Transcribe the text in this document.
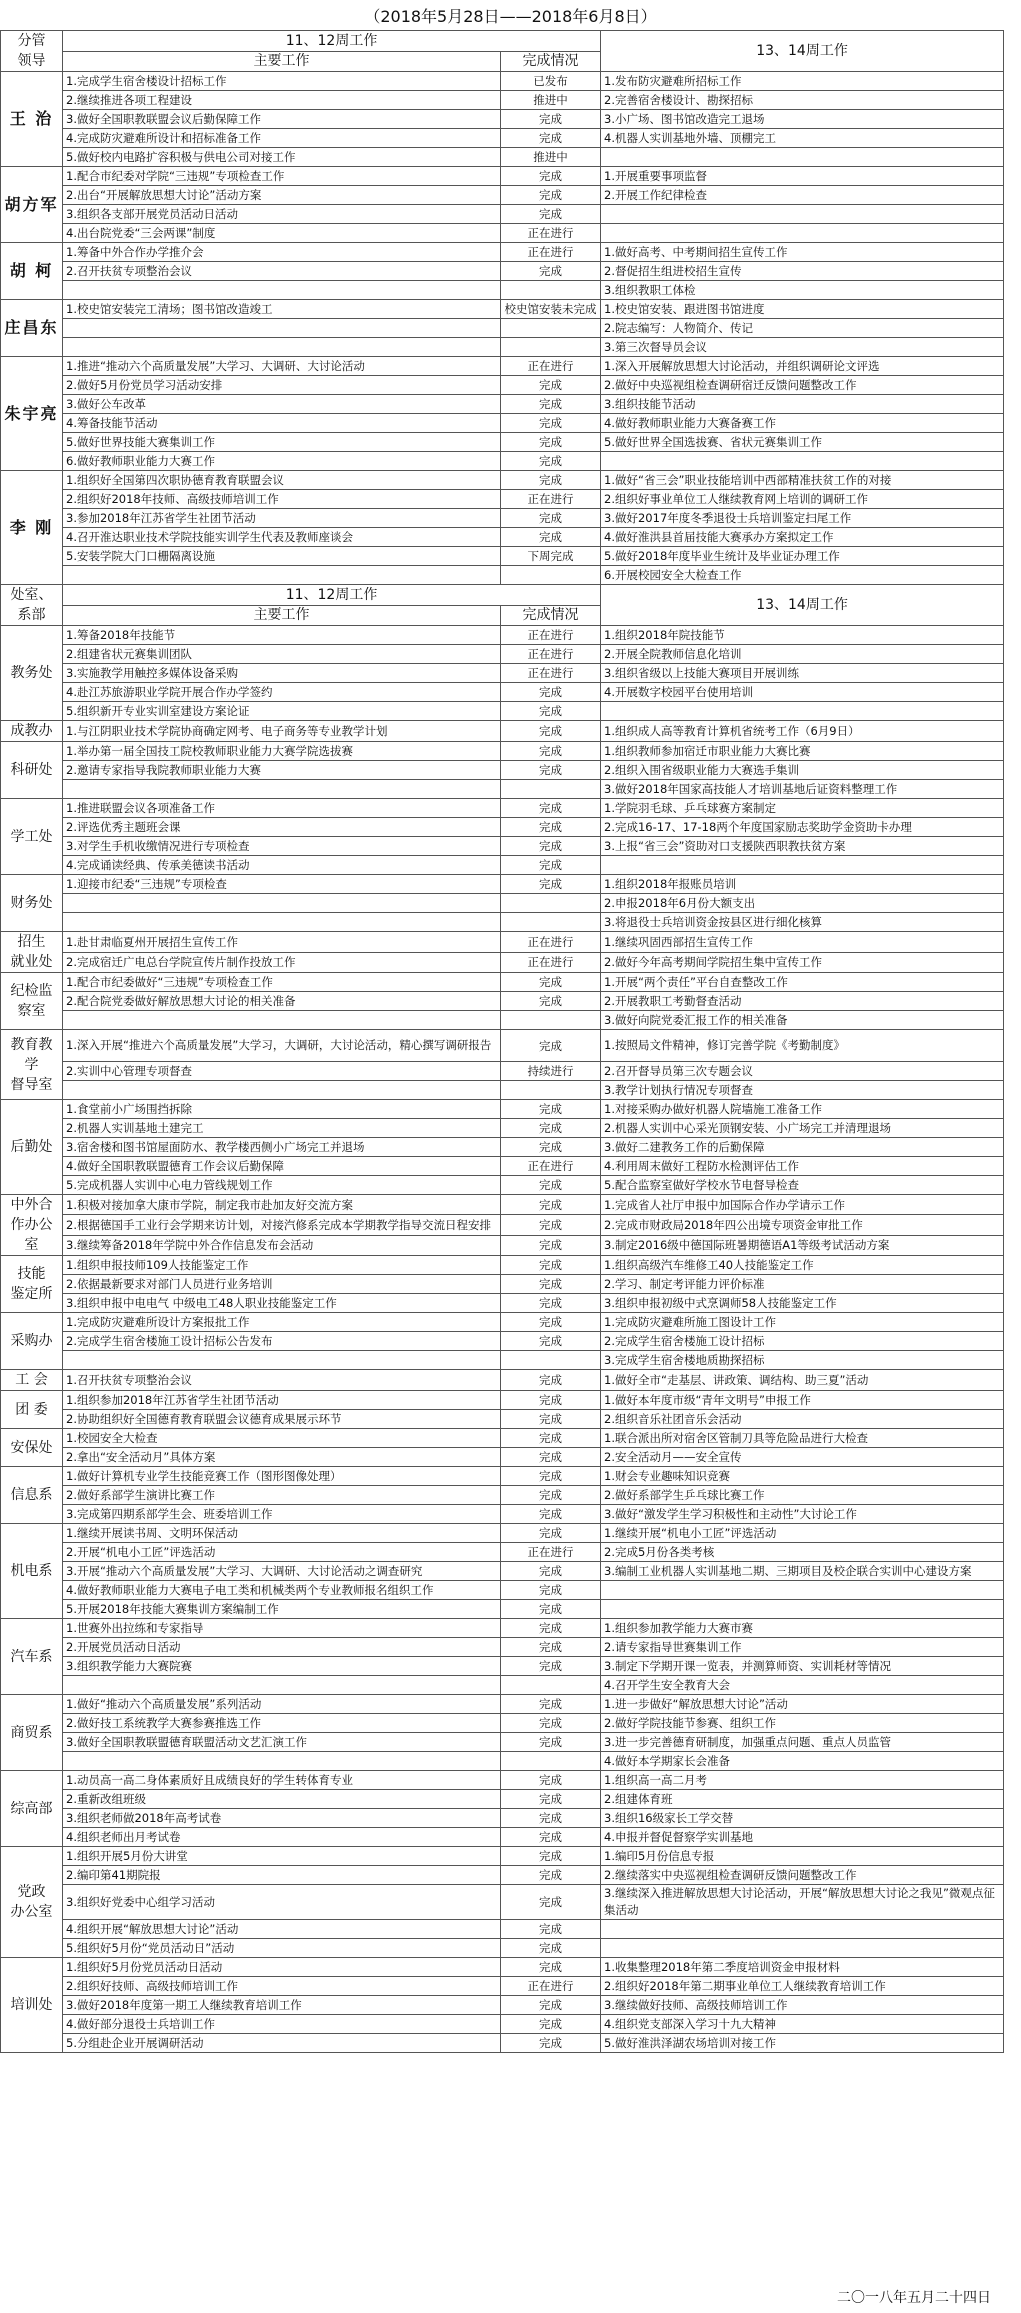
（2018年5月28日——2018年6月8日）
分管
领导	11、12周工作		13、14周工作
	主要工作	完成情况	
王 治	1.完成学生宿舍楼设计招标工作	已发布	1.发布防灾避难所招标工作
	2.继续推进各项工程建设	推进中	2.完善宿舍楼设计、勘探招标
	3.做好全国职教联盟会议后勤保障工作	完成	3.小广场、图书馆改造完工退场
	4.完成防灾避难所设计和招标准备工作	完成	4.机器人实训基地外墙、顶棚完工
	5.做好校内电路扩容积极与供电公司对接工作	推进中	
胡方军	1.配合市纪委对学院“三违规”专项检查工作	完成	1.开展重要事项监督
	2.出台“开展解放思想大讨论”活动方案	完成	2.开展工作纪律检查
	3.组织各支部开展党员活动日活动	完成	
	4.出台院党委“三会两课”制度	正在进行	
胡 柯	1.筹备中外合作办学推介会	正在进行	1.做好高考、中考期间招生宣传工作
	2.召开扶贫专项整治会议	完成	2.督促招生组进校招生宣传
			3.组织教职工体检
庄昌东	1.校史馆安装完工清场；图书馆改造竣工	校史馆安装未完成	1.校史馆安装、跟进图书馆进度
			2.院志编写：人物简介、传记
			3.第三次督导员会议
朱宇亮	1.推进“推动六个高质量发展”大学习、大调研、大讨论活动	正在进行	1.深入开展解放思想大讨论活动，并组织调研论文评选
	2.做好5月份党员学习活动安排	完成	2.做好中央巡视组检查调研宿迁反馈问题整改工作
	3.做好公车改革	完成	3.组织技能节活动
	4.筹备技能节活动	完成	4.做好教师职业能力大赛备赛工作
	5.做好世界技能大赛集训工作	完成	5.做好世界全国选拔赛、省状元赛集训工作
	6.做好教师职业能力大赛工作	完成	
李 刚	1.组织好全国第四次职协德育教育联盟会议	完成	1.做好“省三会”职业技能培训中西部精准扶贫工作的对接
	2.组织好2018年技师、高级技师培训工作	正在进行	2.组织好事业单位工人继续教育网上培训的调研工作
	3.参加2018年江苏省学生社团节活动	完成	3.做好2017年度冬季退役士兵培训鉴定扫尾工作
	4.召开淮达职业技术学院技能实训学生代表及教师座谈会	完成	4.做好淮洪县首届技能大赛承办方案拟定工作
	5.安装学院大门口栅隔离设施	下周完成	5.做好2018年度毕业生统计及毕业证办理工作
			6.开展校园安全大检查工作
处室、
系部	11、12周工作		13、14周工作
	主要工作	完成情况	
教务处	1.筹备2018年技能节	正在进行	1.组织2018年院技能节
	2.组建省状元赛集训团队	正在进行	2.开展全院教师信息化培训
	3.实施教学用触控多媒体设备采购	正在进行	3.组织省级以上技能大赛项目开展训练
	4.赴江苏旅游职业学院开展合作办学签约	完成	4.开展数字校园平台使用培训
	5.组织新开专业实训室建设方案论证	完成	
成教办	1.与江阴职业技术学院协商确定网考、电子商务等专业教学计划	完成	1.组织成人高等教育计算机省统考工作（6月9日）
科研处	1.举办第一届全国技工院校教师职业能力大赛学院选拔赛	完成	1.组织教师参加宿迁市职业能力大赛比赛
	2.邀请专家指导我院教师职业能力大赛	完成	2.组织入围省级职业能力大赛选手集训
			3.做好2018年国家高技能人才培训基地后证资料整理工作
学工处	1.推进联盟会议各项准备工作	完成	1.学院羽毛球、乒乓球赛方案制定
	2.评选优秀主题班会课	完成	2.完成16-17、17-18两个年度国家励志奖助学金资助卡办理
	3.对学生手机收缴情况进行专项检查	完成	3.上报“省三会”资助对口支援陕西职教扶贫方案
	4.完成诵读经典、传承美德读书活动	完成	
财务处	1.迎接市纪委“三违规”专项检查	完成	1.组织2018年报账员培训
			2.申报2018年6月份大额支出
			3.将退役士兵培训资金按县区进行细化核算
招生
就业处	1.赴甘肃临夏州开展招生宣传工作	正在进行	1.继续巩固西部招生宣传工作
	2.完成宿迁广电总台学院宣传片制作投放工作	正在进行	2.做好今年高考期间学院招生集中宣传工作
纪检监
察室	1.配合市纪委做好“三违规”专项检查工作	完成	1.开展“两个责任”平台自查整改工作
	2.配合院党委做好解放思想大讨论的相关准备	完成	2.开展教职工考勤督查活动
			3.做好向院党委汇报工作的相关准备
教育教学
督导室	1.深入开展“推进六个高质量发展”大学习，大调研，大讨论活动，精心撰写调研报告	完成	1.按照局文件精神，修订完善学院《考勤制度》
	2.实训中心管理专项督查	持续进行	2.召开督导员第三次专题会议
			3.教学计划执行情况专项督查
后勤处	1.食堂前小广场围挡拆除	完成	1.对接采购办做好机器人院墙施工准备工作
	2.机器人实训基地土建完工	完成	2.机器人实训中心采光顶钢安装、小广场完工并清理退场
	3.宿舍楼和图书馆屋面防水、教学楼西侧小广场完工并退场	完成	3.做好二建教务工作的后勤保障
	4.做好全国职教联盟德育工作会议后勤保障	正在进行	4.利用周末做好工程防水检测评估工作
	5.完成机器人实训中心电力管线规划工作	完成	5.配合监察室做好学校水节电督导检查
中外合
作办公
室	1.积极对接加拿大康市学院，制定我市赴加友好交流方案	完成	1.完成省人社厅申报中加国际合作办学请示工作
	2.根据德国手工业行会学期来访计划，对接汽修系完成本学期教学指导交流日程安排	完成	2.完成市财政局2018年四公出境专项资金审批工作
	3.继续筹备2018年学院中外合作信息发布会活动	完成	3.制定2016级中德国际班暑期德语A1等级考试活动方案
技能
鉴定所	1.组织申报技师109人技能鉴定工作	完成	1.组织高级汽车维修工40人技能鉴定工作
	2.依据最新要求对部门人员进行业务培训	完成	2.学习、制定考评能力评价标准
	3.组织申报中电电气 中级电工48人职业技能鉴定工作	完成	3.组织申报初级中式烹调师58人技能鉴定工作
采购办	1.完成防灾避难所设计方案报批工作	完成	1.完成防灾避难所施工图设计工作
	2.完成学生宿舍楼施工设计招标公告发布	完成	2.完成学生宿舍楼施工设计招标
			3.完成学生宿舍楼地质勘探招标
工 会	1.召开扶贫专项整治会议	完成	1.做好全市“走基层、讲政策、调结构、助三夏”活动
团 委	1.组织参加2018年江苏省学生社团节活动	完成	1.做好本年度市级“青年文明号”申报工作
	2.协助组织好全国德育教育联盟会议德育成果展示环节	完成	2.组织音乐社团音乐会活动
安保处	1.校园安全大检查	完成	1.联合派出所对宿舍区管制刀具等危险品进行大检查
	2.拿出“安全活动月”具体方案	完成	2.安全活动月——安全宣传
信息系	1.做好计算机专业学生技能竞赛工作（图形图像处理）	完成	1.财会专业趣味知识竞赛
	2.做好系部学生演讲比赛工作	完成	2.做好系部学生乒乓球比赛工作
	3.完成第四期系部学生会、班委培训工作	完成	3.做好“激发学生学习积极性和主动性”大讨论工作
机电系	1.继续开展读书周、文明环保活动	完成	1.继续开展“机电小工匠”评选活动
	2.开展“机电小工匠”评选活动	正在进行	2.完成5月份各类考核
	3.开展“推动六个高质量发展”大学习、大调研、大讨论活动之调查研究	完成	3.编制工业机器人实训基地二期、三期项目及校企联合实训中心建设方案
	4.做好教师职业能力大赛电子电工类和机械类两个专业教师报名组织工作	完成	
	5.开展2018年技能大赛集训方案编制工作	完成	
汽车系	1.世赛外出拉练和专家指导	完成	1.组织参加教学能力大赛市赛
	2.开展党员活动日活动	完成	2.请专家指导世赛集训工作
	3.组织教学能力大赛院赛	完成	3.制定下学期开课一览表，并测算师资、实训耗材等情况
			4.召开学生安全教育大会
商贸系	1.做好“推动六个高质量发展”系列活动	完成	1.进一步做好“解放思想大讨论”活动
	2.做好技工系统教学大赛参赛推选工作	完成	2.做好学院技能节参赛、组织工作
	3.做好全国职教联盟德育联盟活动文艺汇演工作	完成	3.进一步完善德育研制度，加强重点问题、重点人员监管
			4.做好本学期家长会准备
综高部	1.动员高一高二身体素质好且成绩良好的学生转体育专业	完成	1.组织高一高二月考
	2.重新改组班级	完成	2.组建体育班
	3.组织老师做2018年高考试卷	完成	3.组织16级家长工学交替
	4.组织老师出月考试卷	完成	4.申报并督促督察学实训基地
党政
办公室	1.组织开展5月份大讲堂	完成	1.编印5月份信息专报
	2.编印第41期院报	完成	2.继续落实中央巡视组检查调研反馈问题整改工作
	3.组织好党委中心组学习活动	完成	3.继续深入推进解放思想大讨论活动，开展“解放思想大讨论之我见”微观点征集活动
	4.组织开展“解放思想大讨论”活动	完成	
	5.组织好5月份“党员活动日”活动	完成	
培训处	1.组织好5月份党员活动日活动	完成	1.收集整理2018年第二季度培训资金申报材料
	2.组织好技师、高级技师培训工作	正在进行	2.组织好2018年第二期事业单位工人继续教育培训工作
	3.做好2018年度第一期工人继续教育培训工作	完成	3.继续做好技师、高级技师培训工作
	4.做好部分退役士兵培训工作	完成	4.组织党支部深入学习十九大精神
	5.分组赴企业开展调研活动	完成	5.做好淮洪泽湖农场培训对接工作
二〇一八年五月二十四日
